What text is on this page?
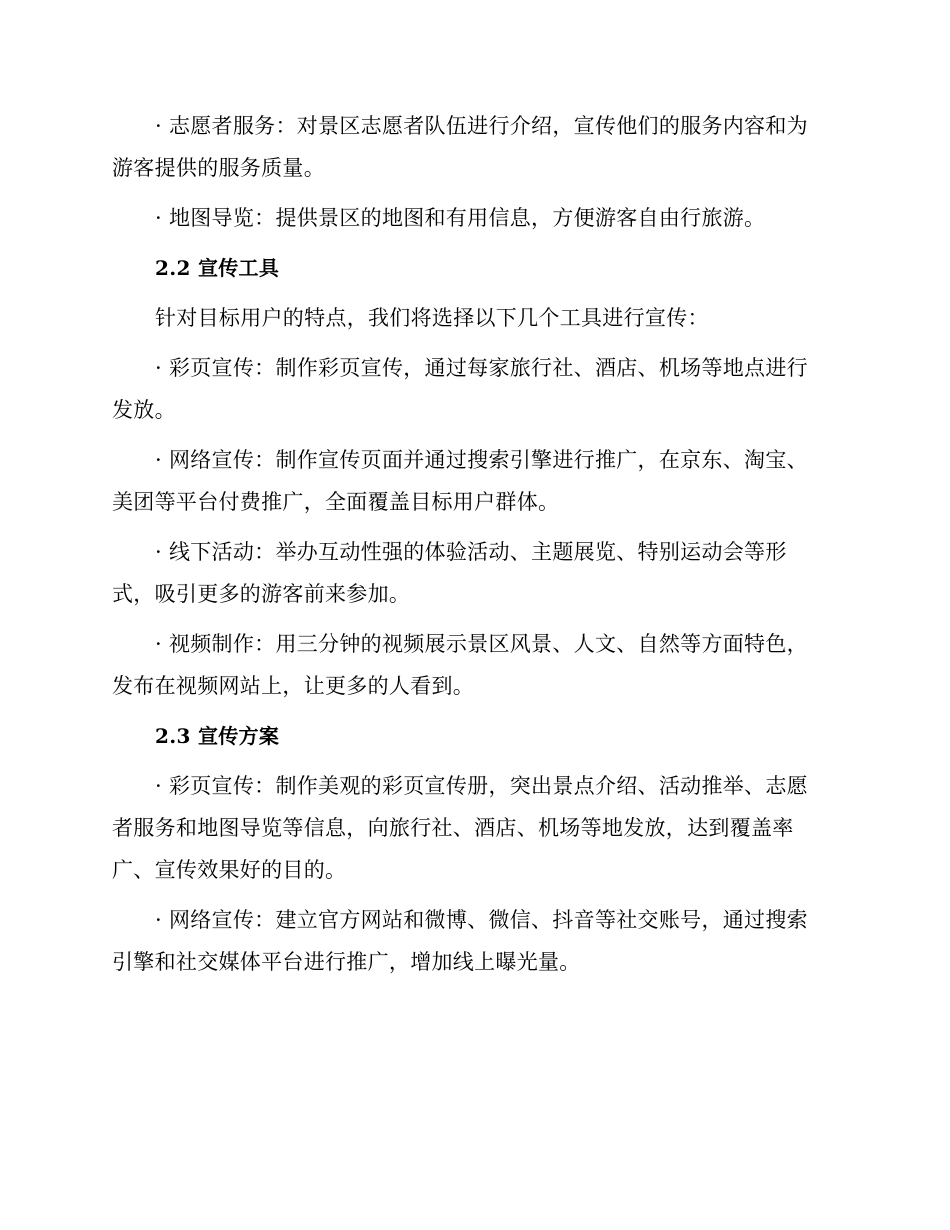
· 志愿者服务：对景区志愿者队伍进行介绍，宣传他们的服务内容和为游客提供的服务质量。

· 地图导览：提供景区的地图和有用信息，方便游客自由行旅游。

2.2 宣传工具

针对目标用户的特点，我们将选择以下几个工具进行宣传：

· 彩页宣传：制作彩页宣传，通过每家旅行社、酒店、机场等地点进行发放。

· 网络宣传：制作宣传页面并通过搜索引擎进行推广，在京东、淘宝、美团等平台付费推广，全面覆盖目标用户群体。

· 线下活动：举办互动性强的体验活动、主题展览、特别运动会等形式，吸引更多的游客前来参加。

· 视频制作：用三分钟的视频展示景区风景、人文、自然等方面特色，发布在视频网站上，让更多的人看到。

2.3 宣传方案

· 彩页宣传：制作美观的彩页宣传册，突出景点介绍、活动推举、志愿者服务和地图导览等信息，向旅行社、酒店、机场等地发放，达到覆盖率广、宣传效果好的目的。

· 网络宣传：建立官方网站和微博、微信、抖音等社交账号，通过搜索引擎和社交媒体平台进行推广，增加线上曝光量。
